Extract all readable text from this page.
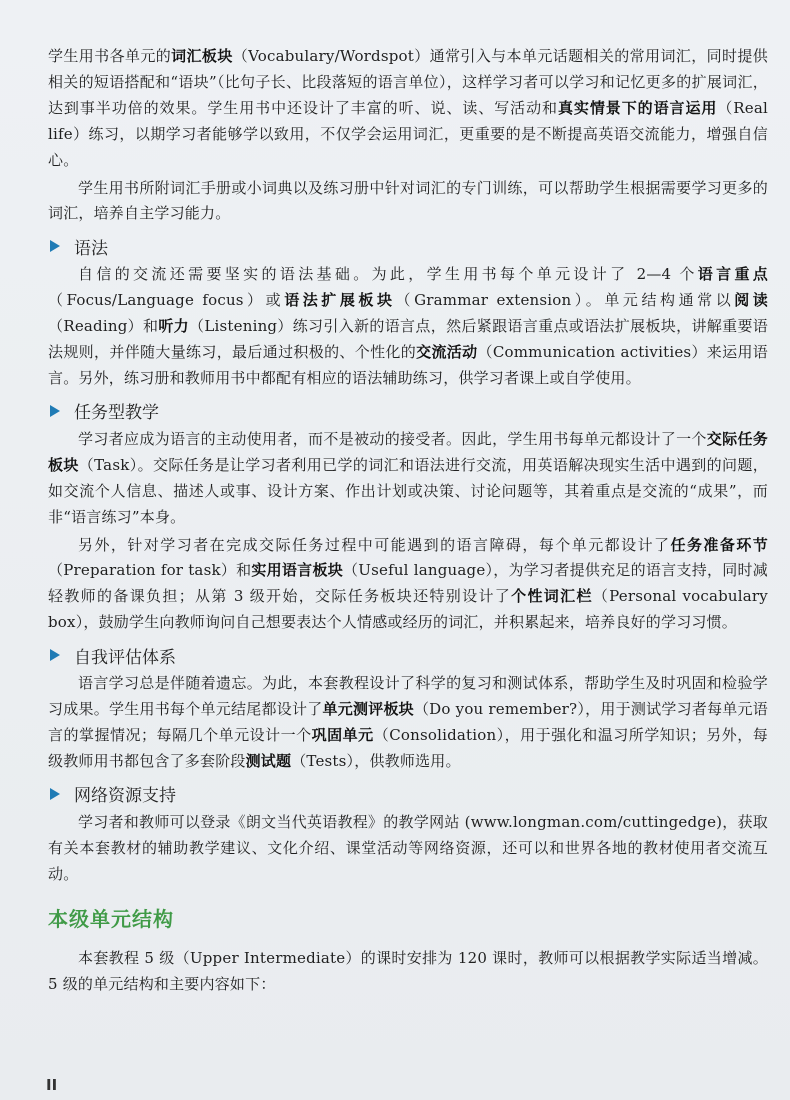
学生用书各单元的词汇板块（Vocabulary/Wordspot）通常引入与本单元话题相关的常用词汇，同时提供相关的短语搭配和“语块”（比句子长、比段落短的语言单位），这样学习者可以学习和记忆更多的扩展词汇，达到事半功倍的效果。学生用书中还设计了丰富的听、说、读、写活动和真实情景下的语言运用（Real life）练习，以期学习者能够学以致用，不仅学会运用词汇，更重要的是不断提高英语交流能力，增强自信心。

学生用书所附词汇手册或小词典以及练习册中针对词汇的专门训练，可以帮助学生根据需要学习更多的词汇，培养自主学习能力。

语法

自信的交流还需要坚实的语法基础。为此，学生用书每个单元设计了 2—4 个语言重点（Focus/Language focus）或语法扩展板块（Grammar extension）。单元结构通常以阅读（Reading）和听力（Listening）练习引入新的语言点，然后紧跟语言重点或语法扩展板块，讲解重要语法规则，并伴随大量练习，最后通过积极的、个性化的交流活动（Communication activities）来运用语言。另外，练习册和教师用书中都配有相应的语法辅助练习，供学习者课上或自学使用。

任务型教学

学习者应成为语言的主动使用者，而不是被动的接受者。因此，学生用书每单元都设计了一个交际任务板块（Task）。交际任务是让学习者利用已学的词汇和语法进行交流，用英语解决现实生活中遇到的问题，如交流个人信息、描述人或事、设计方案、作出计划或决策、讨论问题等，其着重点是交流的“成果”，而非“语言练习”本身。

另外，针对学习者在完成交际任务过程中可能遇到的语言障碍，每个单元都设计了任务准备环节（Preparation for task）和实用语言板块（Useful language），为学习者提供充足的语言支持，同时减轻教师的备课负担；从第 3 级开始，交际任务板块还特别设计了个性词汇栏（Personal vocabulary box），鼓励学生向教师询问自己想要表达个人情感或经历的词汇，并积累起来，培养良好的学习习惯。

自我评估体系

语言学习总是伴随着遗忘。为此，本套教程设计了科学的复习和测试体系，帮助学生及时巩固和检验学习成果。学生用书每个单元结尾都设计了单元测评板块（Do you remember?），用于测试学习者每单元语言的掌握情况；每隔几个单元设计一个巩固单元（Consolidation），用于强化和温习所学知识；另外，每级教师用书都包含了多套阶段测试题（Tests），供教师选用。

网络资源支持

学习者和教师可以登录《朗文当代英语教程》的教学网站 (www.longman.com/cuttingedge)，获取有关本套教材的辅助教学建议、文化介绍、课堂活动等网络资源，还可以和世界各地的教材使用者交流互动。

本级单元结构

本套教程 5 级（Upper Intermediate）的课时安排为 120 课时，教师可以根据教学实际适当增减。5 级的单元结构和主要内容如下：

II
